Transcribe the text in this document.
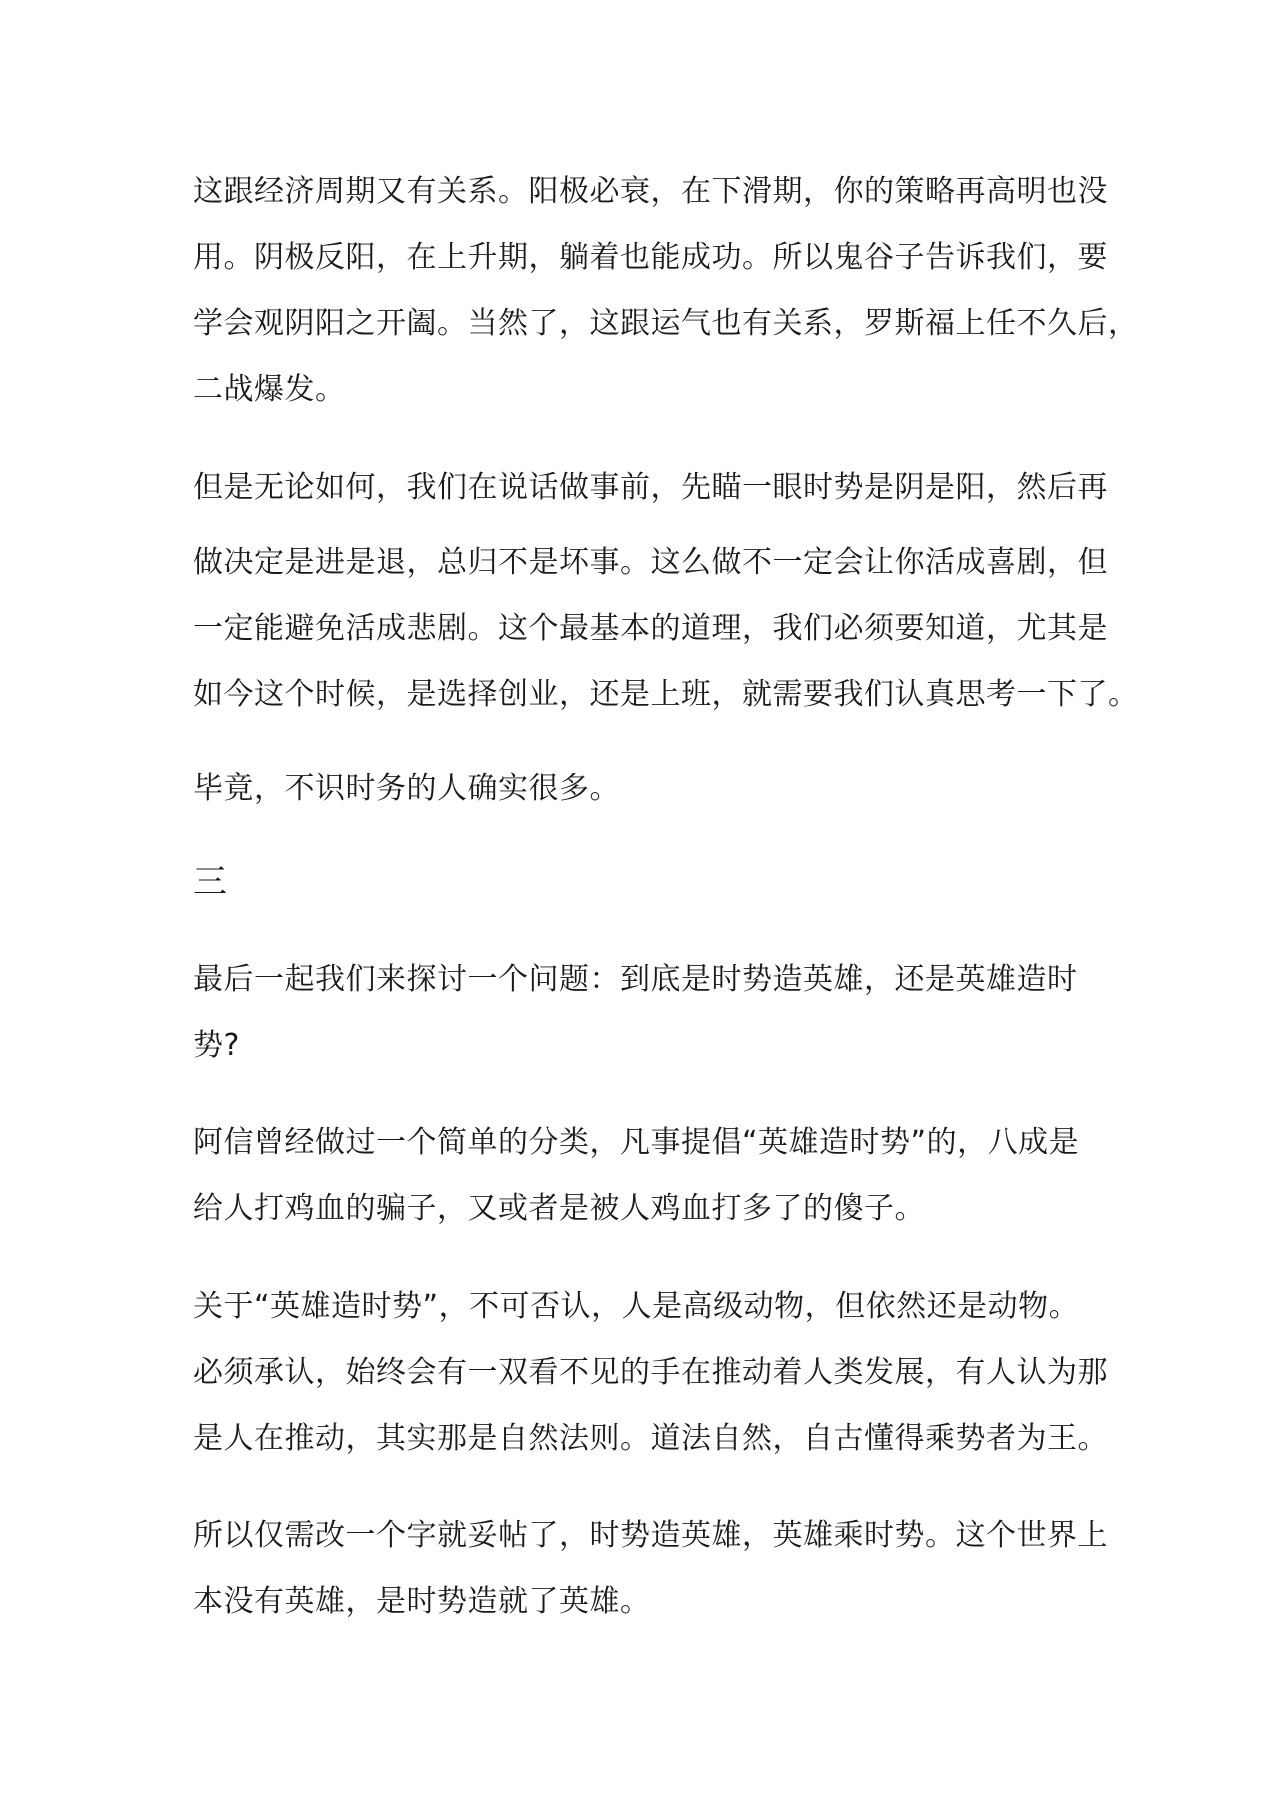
这跟经济周期又有关系。阳极必衰，在下滑期，你的策略再高明也没
用。阴极反阳，在上升期，躺着也能成功。所以鬼谷子告诉我们，要
学会观阴阳之开阖。当然了，这跟运气也有关系，罗斯福上任不久后，
二战爆发。
但是无论如何，我们在说话做事前，先瞄一眼时势是阴是阳，然后再
做决定是进是退，总归不是坏事。这么做不一定会让你活成喜剧，但
一定能避免活成悲剧。这个最基本的道理，我们必须要知道，尤其是
如今这个时候，是选择创业，还是上班，就需要我们认真思考一下了。
毕竟，不识时务的人确实很多。
三
最后一起我们来探讨一个问题：到底是时势造英雄，还是英雄造时
势?
阿信曾经做过一个简单的分类，凡事提倡“英雄造时势”的，八成是
给人打鸡血的骗子，又或者是被人鸡血打多了的傻子。
关于“英雄造时势”，不可否认，人是高级动物，但依然还是动物。
必须承认，始终会有一双看不见的手在推动着人类发展，有人认为那
是人在推动，其实那是自然法则。道法自然，自古懂得乘势者为王。
所以仅需改一个字就妥帖了，时势造英雄，英雄乘时势。这个世界上
本没有英雄，是时势造就了英雄。
